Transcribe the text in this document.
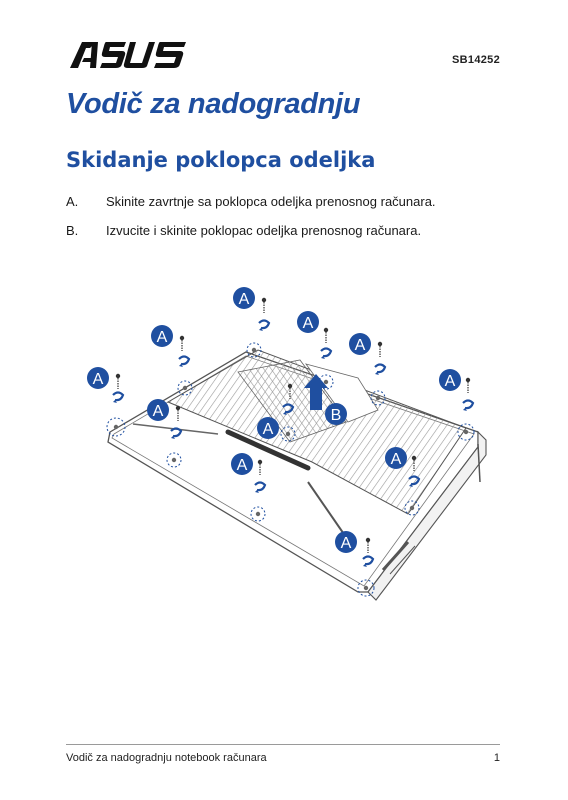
SB14252
Vodič za nadogradnju
Skidanje poklopca odeljka
A.	Skinite zavrtnje sa poklopca odeljka prenosnog računara.
B.	Izvucite i skinite poklopac odeljka prenosnog računara.
A
A
A
A
A
A
A
A
A	A
A
B
Vodič za nadogradnju notebook računara	1
